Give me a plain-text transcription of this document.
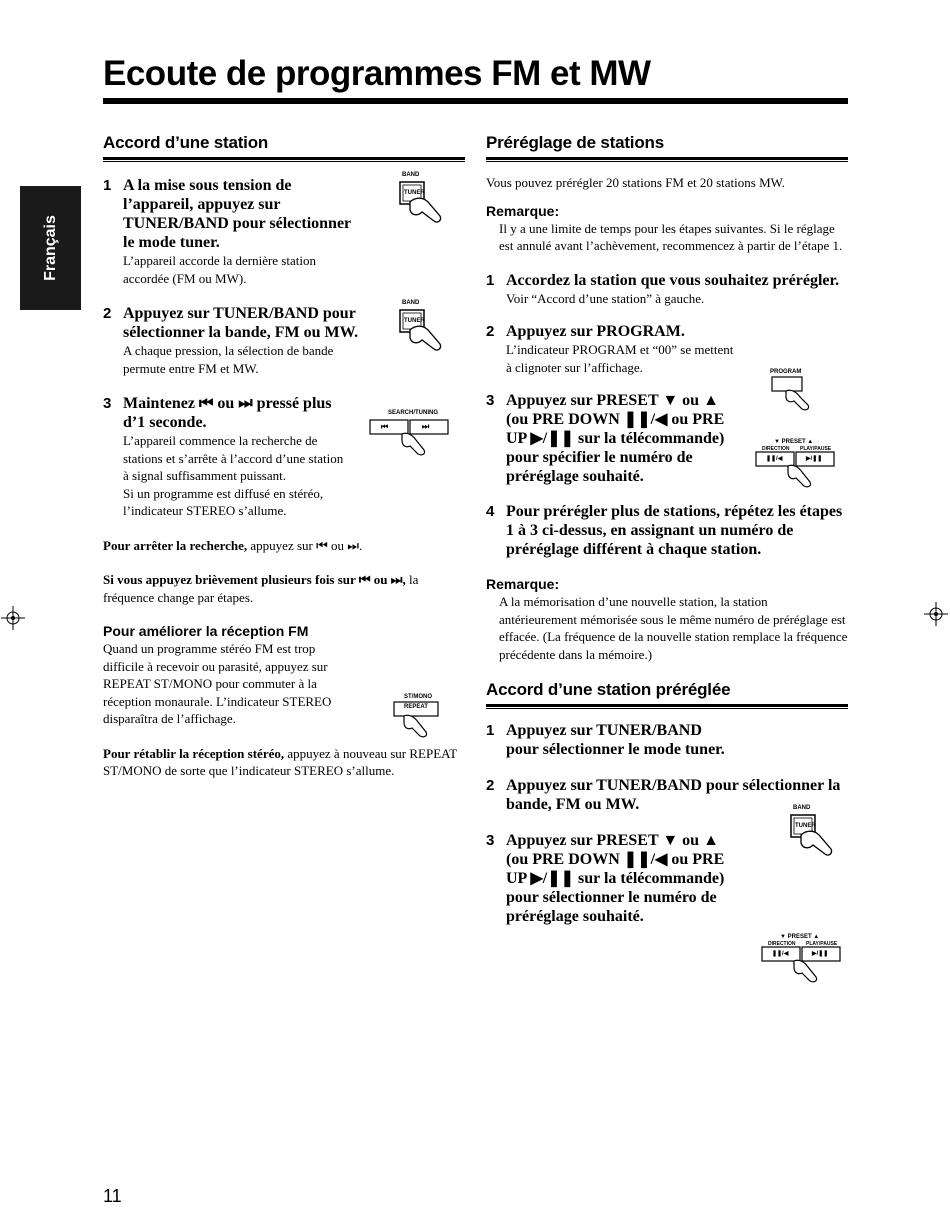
Ecoute de programmes FM et MW
Français
Accord d’une station
1 A la mise sous tension de l’appareil, appuyez sur TUNER/BAND pour sélectionner le mode tuner.
L’appareil accorde la dernière station accordée (FM ou MW).
2 Appuyez sur TUNER/BAND pour sélectionner la bande, FM ou MW.
A chaque pression, la sélection de bande permute entre FM et MW.
3 Maintenez ⏮ ou ⏭ pressé plus d’1 seconde.
L’appareil commence la recherche de stations et s’arrête à l’accord d’une station à signal suffisamment puissant.
Si un programme est diffusé en stéréo, l’indicateur STEREO s’allume.
Pour arrêter la recherche, appuyez sur ⏮ ou ⏭.
Si vous appuyez brièvement plusieurs fois sur ⏮ ou ⏭, la fréquence change par étapes.
Pour améliorer la réception FM
Quand un programme stéréo FM est trop difficile à recevoir ou parasité, appuyez sur REPEAT ST/MONO pour commuter à la réception monaurale. L’indicateur STEREO disparaîtra de l’affichage.
Pour rétablir la réception stéréo, appuyez à nouveau sur REPEAT ST/MONO de sorte que l’indicateur STEREO s’allume.
Préréglage de stations
Vous pouvez prérégler 20 stations FM et 20 stations MW.
Remarque:
Il y a une limite de temps pour les étapes suivantes. Si le réglage est annulé avant l’achèvement, recommencez à partir de l’étape 1.
1 Accordez la station que vous souhaitez prérégler.
Voir “Accord d’une station” à gauche.
2 Appuyez sur PROGRAM.
L’indicateur PROGRAM et “00” se mettent à clignoter sur l’affichage.
3 Appuyez sur PRESET ▼ ou ▲ (ou PRE DOWN ❚❚/◀ ou PRE UP ▶/❚❚ sur la télécommande) pour spécifier le numéro de préréglage souhaité.
4 Pour prérégler plus de stations, répétez les étapes 1 à 3 ci-dessus, en assignant un numéro de préréglage différent à chaque station.
Remarque:
A la mémorisation d’une nouvelle station, la station antérieurement mémorisée sous le même numéro de préréglage est effacée. (La fréquence de la nouvelle station remplace la fréquence précédente dans la mémoire.)
Accord d’une station préréglée
1 Appuyez sur TUNER/BAND pour sélectionner le mode tuner.
2 Appuyez sur TUNER/BAND pour sélectionner la bande, FM ou MW.
3 Appuyez sur PRESET ▼ ou ▲ (ou PRE DOWN ❚❚/◀ ou PRE UP ▶/❚❚ sur la télécommande) pour sélectionner le numéro de préréglage souhaité.
BAND
TUNER
BAND
TUNER
SEARCH/TUNING
⏮	⏭
ST/MONO
REPEAT
PROGRAM
▼ PRESET ▲
DIRECTION PLAY/PAUSE
❚❚/◀	▶/❚❚
BAND
TUNER
▼ PRESET ▲
DIRECTION PLAY/PAUSE
❚❚/◀	▶/❚❚
11
